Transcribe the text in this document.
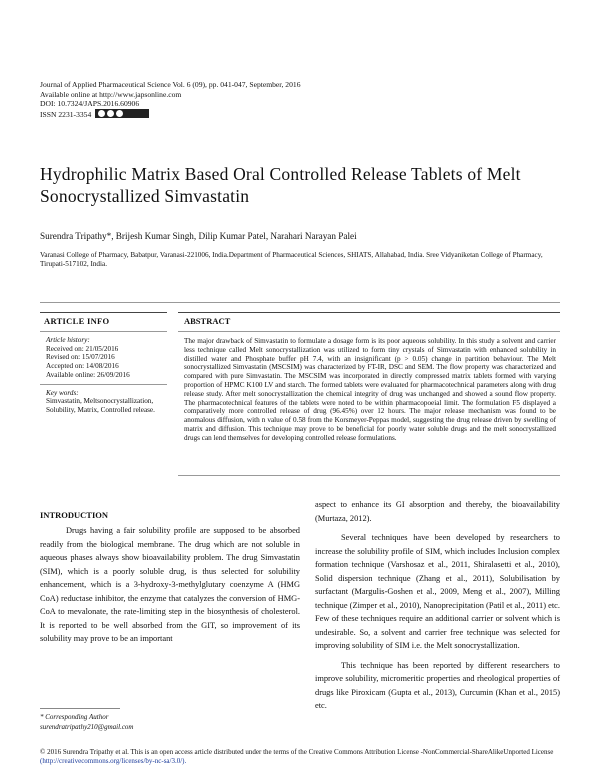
Journal of Applied Pharmaceutical Science Vol. 6 (09), pp. 041-047, September, 2016
Available online at http://www.japsonline.com
DOI: 10.7324/JAPS.2016.60906
ISSN 2231-3354
Hydrophilic Matrix Based Oral Controlled Release Tablets of Melt
Sonocrystallized Simvastatin
Surendra Tripathy*, Brijesh Kumar Singh, Dilip Kumar Patel, Narahari Narayan Palei
Varanasi College of Pharmacy, Babatpur, Varanasi-221006, India.Department of Pharmaceutical Sciences, SHIATS, Allahabad, India. Sree Vidyaniketan College of Pharmacy, Tirupati-517102, India.
ARTICLE INFO
Article history:
Received on: 21/05/2016
Revised on: 15/07/2016
Accepted on: 14/08/2016
Available online: 26/09/2016
Key words:
Simvastatin, Meltsonocrystallization, Solubility, Matrix, Controlled release.
ABSTRACT
The major drawback of Simvastatin to formulate a dosage form is its poor aqueous solubility. In this study a solvent and carrier less technique called Melt sonocrystallization was utilized to form tiny crystals of Simvastatin with enhanced solubility in distilled water and Phosphate buffer pH 7.4, with an insignificant (p > 0.05) change in partition behaviour. The Melt sonocrystallized Simvastatin (MSCSIM) was characterized by FT-IR, DSC and SEM. The flow property was characterized and compared with pure Simvastatin. The MSCSIM was incorporated in directly compressed matrix tablets formed with varying proportion of HPMC K100 LV and starch. The formed tablets were evaluated for pharmacotechnical parameters along with drug release study. After melt sonocrystallization the chemical integrity of drug was unchanged and showed a sound flow property. The pharmacotechnical features of the tablets were noted to be within pharmacopoeial limit. The formulation F5 displayed a comparatively more controlled release of drug (96.45%) over 12 hours. The major release mechanism was found to be anomalous diffusion, with n value of 0.58 from the Korsmeyer-Peppas model, suggesting the drug release driven by swelling of matrix and diffusion. This technique may prove to be beneficial for poorly water soluble drugs and the melt sonocrystallized drugs can lend themselves for developing controlled release formulations.
INTRODUCTION

Drugs having a fair solubility profile are supposed to be absorbed readily from the biological membrane. The drug which are not soluble in aqueous phases always show bioavailability problem. The drug Simvastatin (SIM), which is a poorly soluble drug, is thus selected for solubility enhancement, which is a 3-hydroxy-3-methylglutary coenzyme A (HMG CoA) reductase inhibitor, the enzyme that catalyzes the conversion of HMG-CoA to mevalonate, the rate-limiting step in the biosynthesis of cholesterol. It is reported to be well absorbed from the GIT, so improvement of its solubility may prove to be an important

aspect to enhance its GI absorption and thereby, the bioavailability (Murtaza, 2012).

Several techniques have been developed by researchers to increase the solubility profile of SIM, which includes Inclusion complex formation technique (Varshosaz et al., 2011, Shiralasetti et al., 2010), Solid dispersion technique (Zhang et al., 2011), Solubilisation by surfactant (Margulis-Goshen et al., 2009, Meng et al., 2007), Milling technique (Zimper et al., 2010), Nanoprecipitation (Patil et al., 2011) etc. Few of these techniques require an additional carrier or solvent which is undesirable. So, a solvent and carrier free technique was selected for improving solubility of SIM i.e. the Melt sonocrystallization.

This technique has been reported by different researchers to improve solubility, micromeritic properties and rheological properties of drugs like Piroxicam (Gupta et al., 2013), Curcumin (Khan et al., 2015) etc.

* Corresponding Author
surendratripathy210@gmail.com
© 2016 Surendra Tripathy et al. This is an open access article distributed under the terms of the Creative Commons Attribution License -NonCommercial-ShareAlikeUnported License (http://creativecommons.org/licenses/by-nc-sa/3.0/).
